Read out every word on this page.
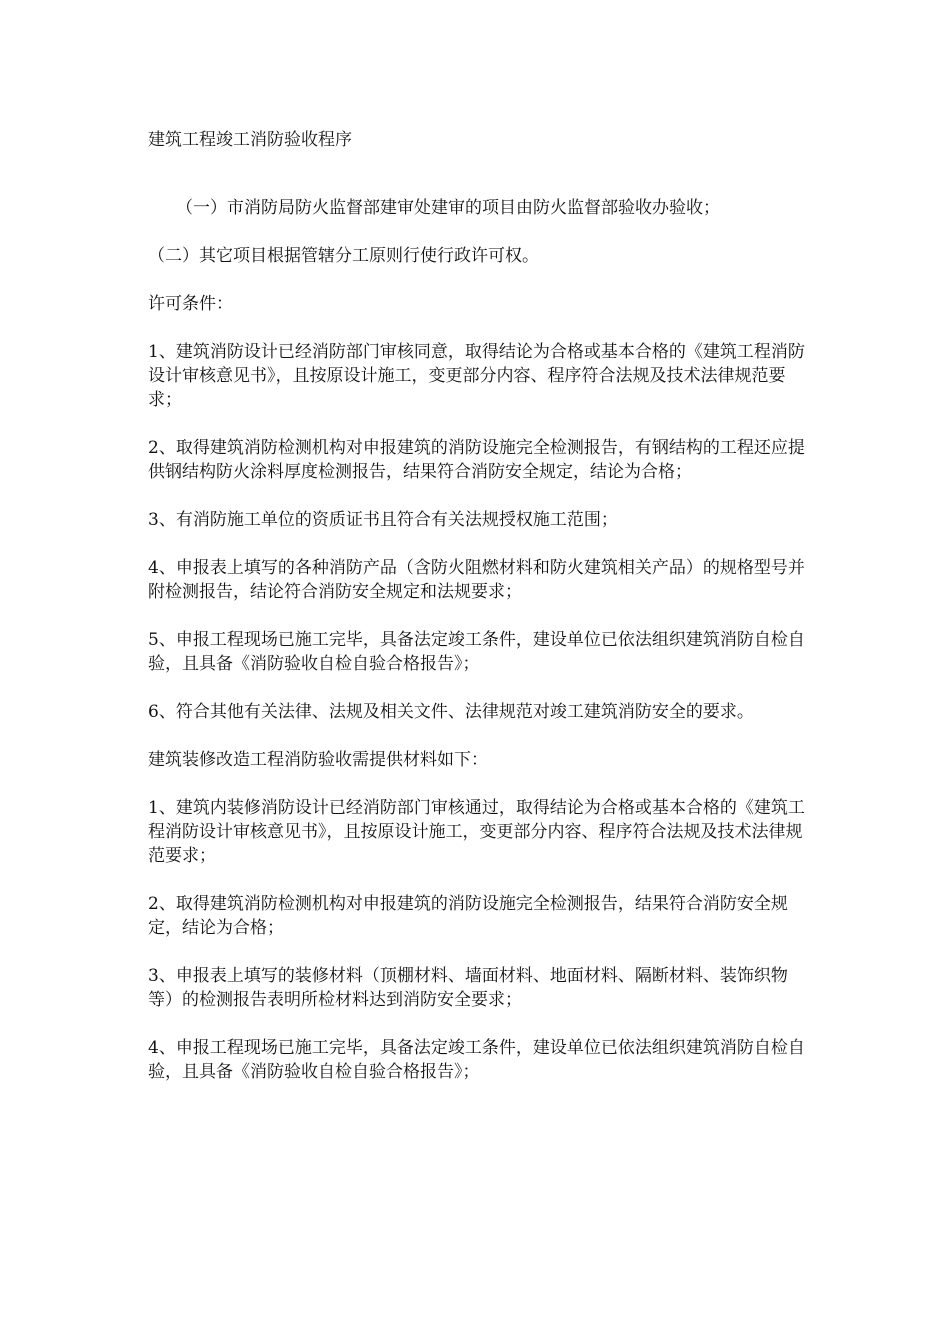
建筑工程竣工消防验收程序

（一）市消防局防火监督部建审处建审的项目由防火监督部验收办验收；

（二）其它项目根据管辖分工原则行使行政许可权。

许可条件：

1、建筑消防设计已经消防部门审核同意，取得结论为合格或基本合格的《建筑工程消防设计审核意见书》，且按原设计施工，变更部分内容、程序符合法规及技术法律规范要求；

2、取得建筑消防检测机构对申报建筑的消防设施完全检测报告，有钢结构的工程还应提供钢结构防火涂料厚度检测报告，结果符合消防安全规定，结论为合格；

3、有消防施工单位的资质证书且符合有关法规授权施工范围；

4、申报表上填写的各种消防产品（含防火阻燃材料和防火建筑相关产品）的规格型号并附检测报告，结论符合消防安全规定和法规要求；

5、申报工程现场已施工完毕，具备法定竣工条件，建设单位已依法组织建筑消防自检自验，且具备《消防验收自检自验合格报告》；

6、符合其他有关法律、法规及相关文件、法律规范对竣工建筑消防安全的要求。

建筑装修改造工程消防验收需提供材料如下：

1、建筑内装修消防设计已经消防部门审核通过，取得结论为合格或基本合格的《建筑工程消防设计审核意见书》，且按原设计施工，变更部分内容、程序符合法规及技术法律规范要求；

2、取得建筑消防检测机构对申报建筑的消防设施完全检测报告，结果符合消防安全规定，结论为合格；

3、申报表上填写的装修材料（顶棚材料、墙面材料、地面材料、隔断材料、装饰织物等）的检测报告表明所检材料达到消防安全要求；

4、申报工程现场已施工完毕，具备法定竣工条件，建设单位已依法组织建筑消防自检自验，且具备《消防验收自检自验合格报告》；
